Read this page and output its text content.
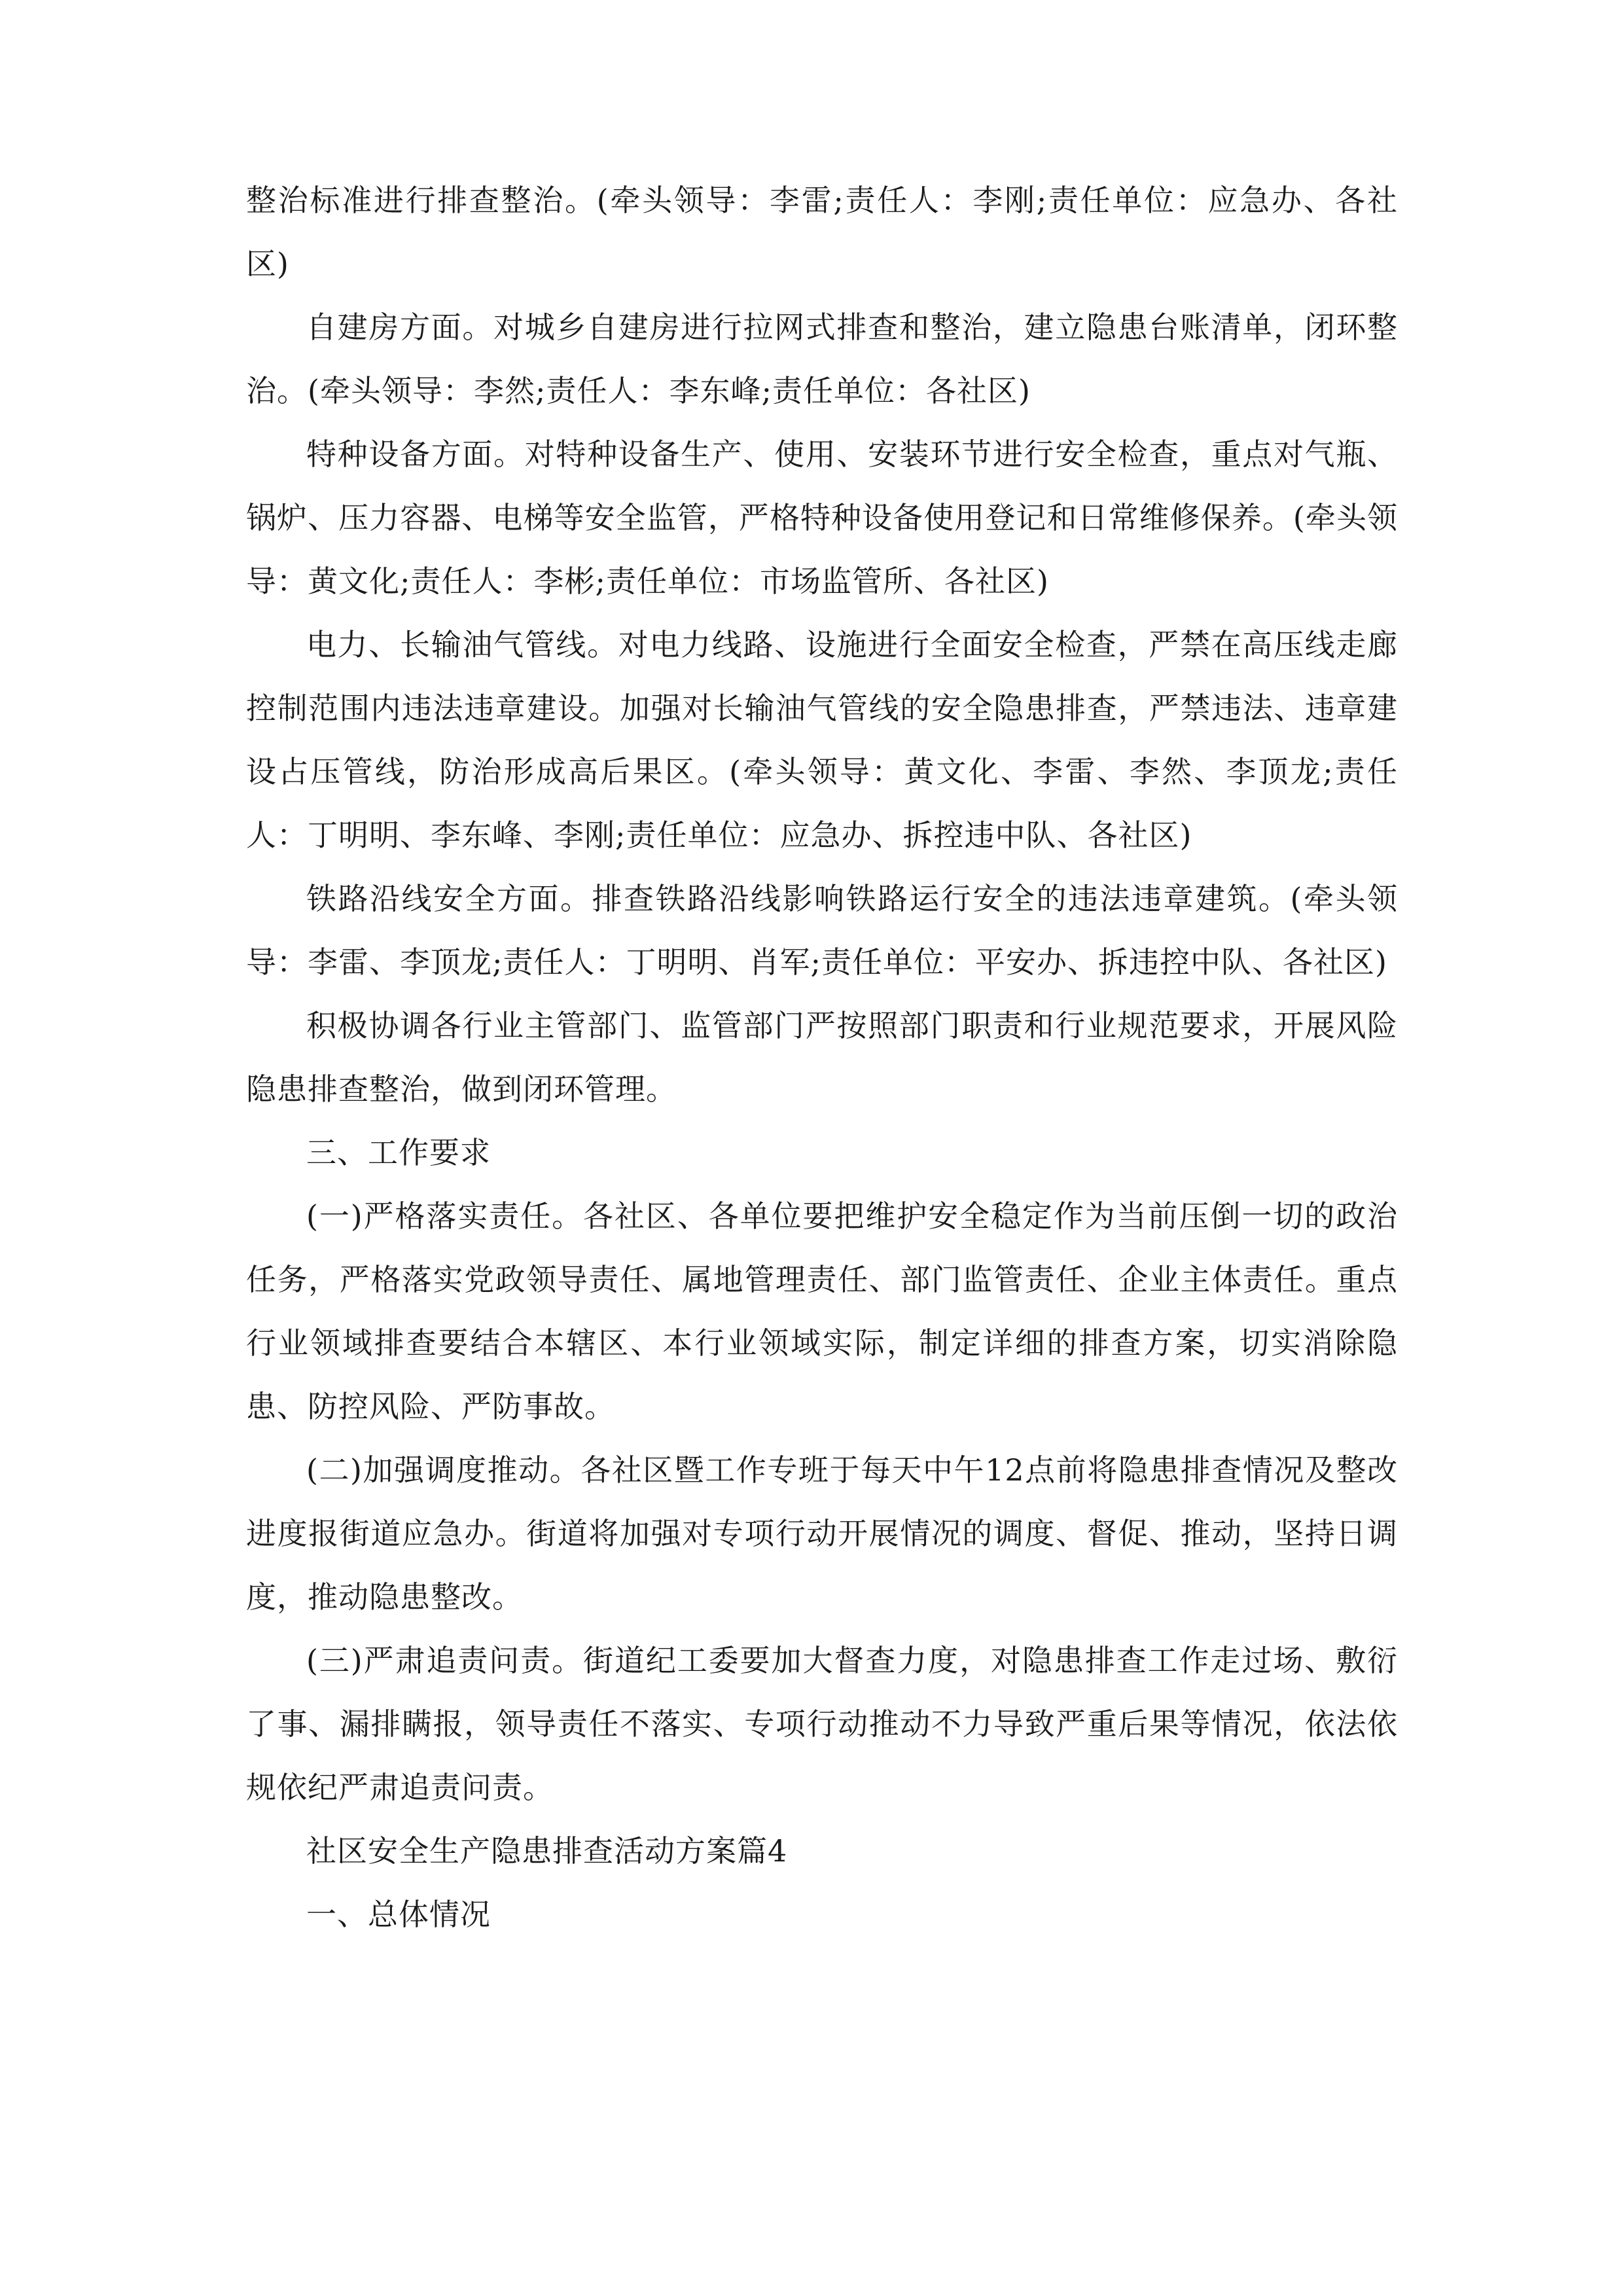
整治标准进行排查整治。(牵头领导：李雷;责任人：李刚;责任单位：应急办、各社区)

自建房方面。对城乡自建房进行拉网式排查和整治，建立隐患台账清单，闭环整治。(牵头领导：李然;责任人：李东峰;责任单位：各社区)

特种设备方面。对特种设备生产、使用、安装环节进行安全检查，重点对气瓶、锅炉、压力容器、电梯等安全监管，严格特种设备使用登记和日常维修保养。(牵头领导：黄文化;责任人：李彬;责任单位：市场监管所、各社区)

电力、长输油气管线。对电力线路、设施进行全面安全检查，严禁在高压线走廊控制范围内违法违章建设。加强对长输油气管线的安全隐患排查，严禁违法、违章建设占压管线，防治形成高后果区。(牵头领导：黄文化、李雷、李然、李顶龙;责任人：丁明明、李东峰、李刚;责任单位：应急办、拆控违中队、各社区)

铁路沿线安全方面。排查铁路沿线影响铁路运行安全的违法违章建筑。(牵头领导：李雷、李顶龙;责任人：丁明明、肖军;责任单位：平安办、拆违控中队、各社区)

积极协调各行业主管部门、监管部门严按照部门职责和行业规范要求，开展风险隐患排查整治，做到闭环管理。

三、工作要求

(一)严格落实责任。各社区、各单位要把维护安全稳定作为当前压倒一切的政治任务，严格落实党政领导责任、属地管理责任、部门监管责任、企业主体责任。重点行业领域排查要结合本辖区、本行业领域实际，制定详细的排查方案，切实消除隐患、防控风险、严防事故。

(二)加强调度推动。各社区暨工作专班于每天中午12点前将隐患排查情况及整改进度报街道应急办。街道将加强对专项行动开展情况的调度、督促、推动，坚持日调度，推动隐患整改。

(三)严肃追责问责。街道纪工委要加大督查力度，对隐患排查工作走过场、敷衍了事、漏排瞒报，领导责任不落实、专项行动推动不力导致严重后果等情况，依法依规依纪严肃追责问责。

社区安全生产隐患排查活动方案篇4

一、总体情况
